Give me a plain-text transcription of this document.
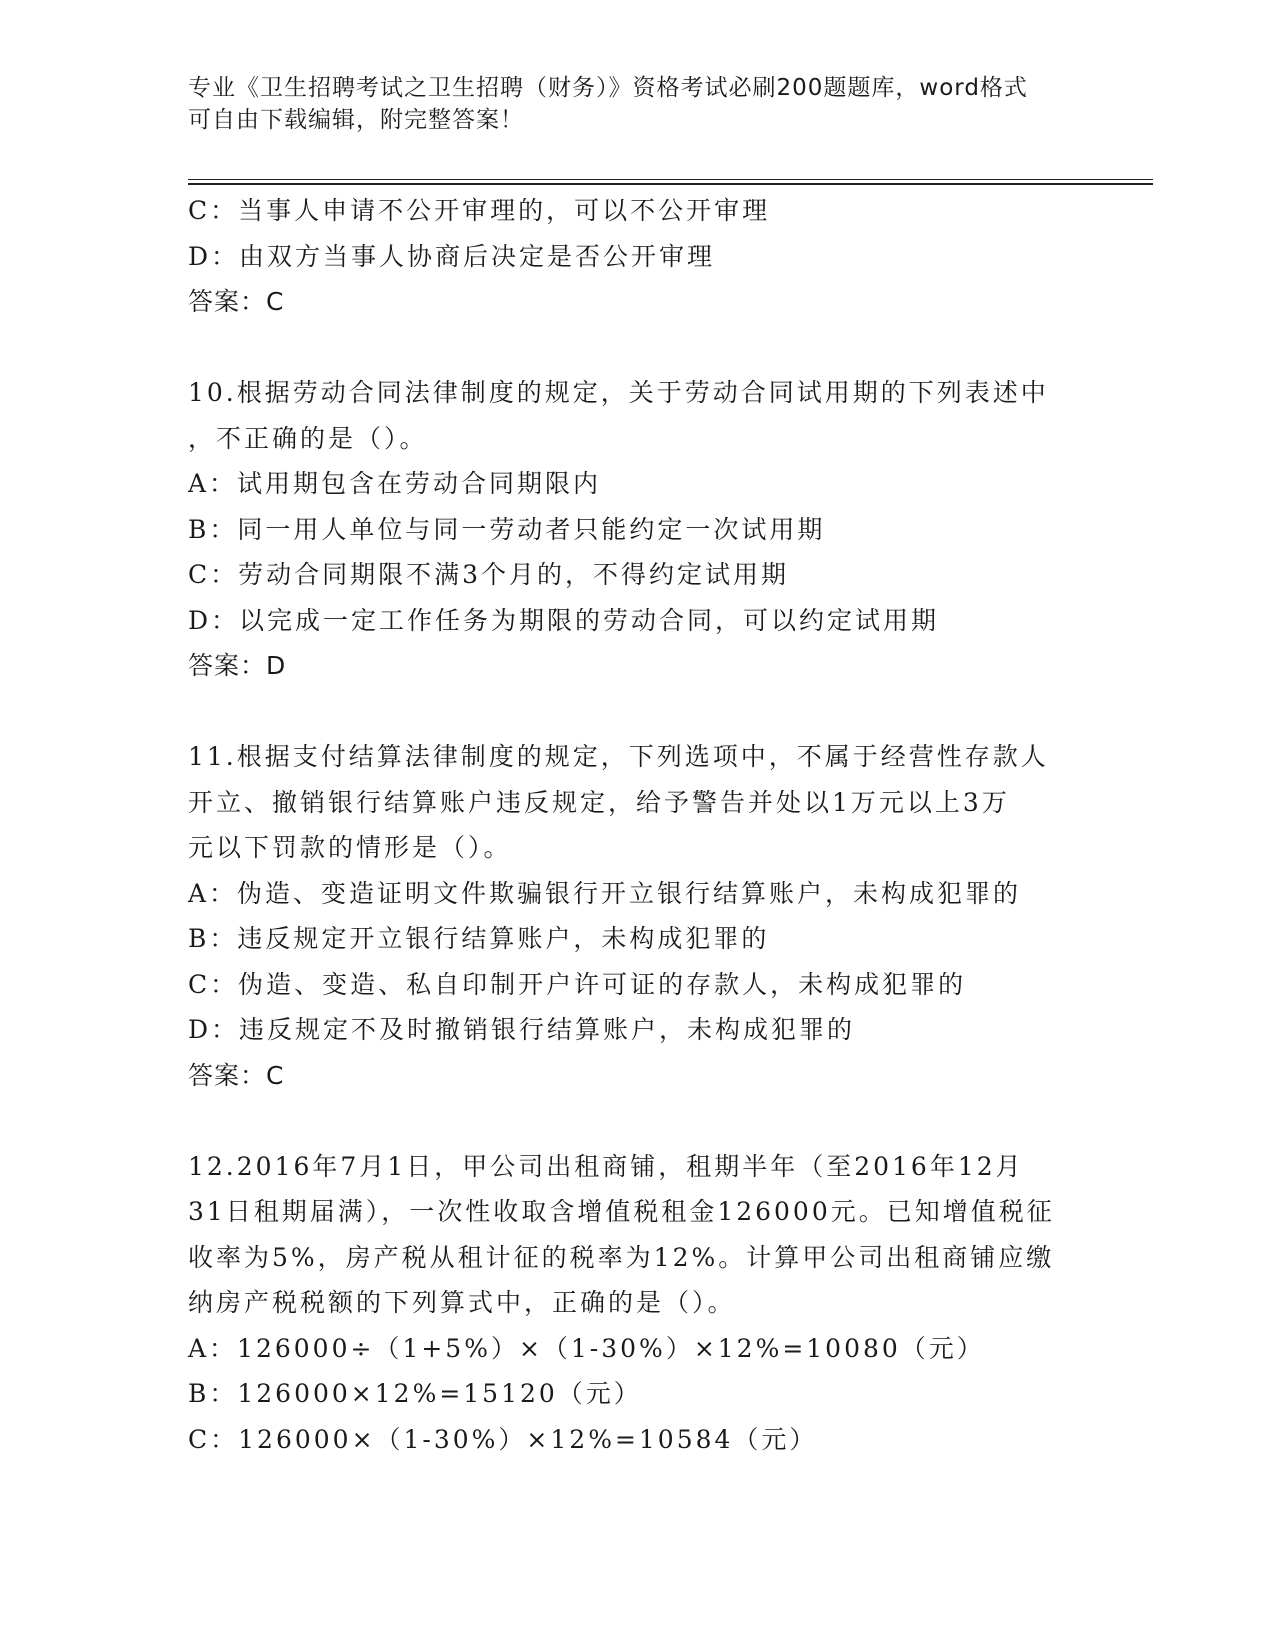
专业《卫生招聘考试之卫生招聘（财务）》资格考试必刷200题题库，word格式
可自由下载编辑，附完整答案！
C：当事人申请不公开审理的，可以不公开审理
D：由双方当事人协商后决定是否公开审理
答案：C
10.根据劳动合同法律制度的规定，关于劳动合同试用期的下列表述中
，不正确的是（）。
A：试用期包含在劳动合同期限内
B：同一用人单位与同一劳动者只能约定一次试用期
C：劳动合同期限不满3个月的，不得约定试用期
D：以完成一定工作任务为期限的劳动合同，可以约定试用期
答案：D
11.根据支付结算法律制度的规定，下列选项中，不属于经营性存款人
开立、撤销银行结算账户违反规定，给予警告并处以1万元以上3万
元以下罚款的情形是（）。
A：伪造、变造证明文件欺骗银行开立银行结算账户，未构成犯罪的
B：违反规定开立银行结算账户，未构成犯罪的
C：伪造、变造、私自印制开户许可证的存款人，未构成犯罪的
D：违反规定不及时撤销银行结算账户，未构成犯罪的
答案：C
12.2016年7月1日，甲公司出租商铺，租期半年（至2016年12月
31日租期届满），一次性收取含增值税租金126000元。已知增值税征
收率为5%，房产税从租计征的税率为12%。计算甲公司出租商铺应缴
纳房产税税额的下列算式中，正确的是（）。
A：126000÷（1+5%）×（1-30%）×12%=10080（元）
B：126000×12%=15120（元）
C：126000×（1-30%）×12%=10584（元）
